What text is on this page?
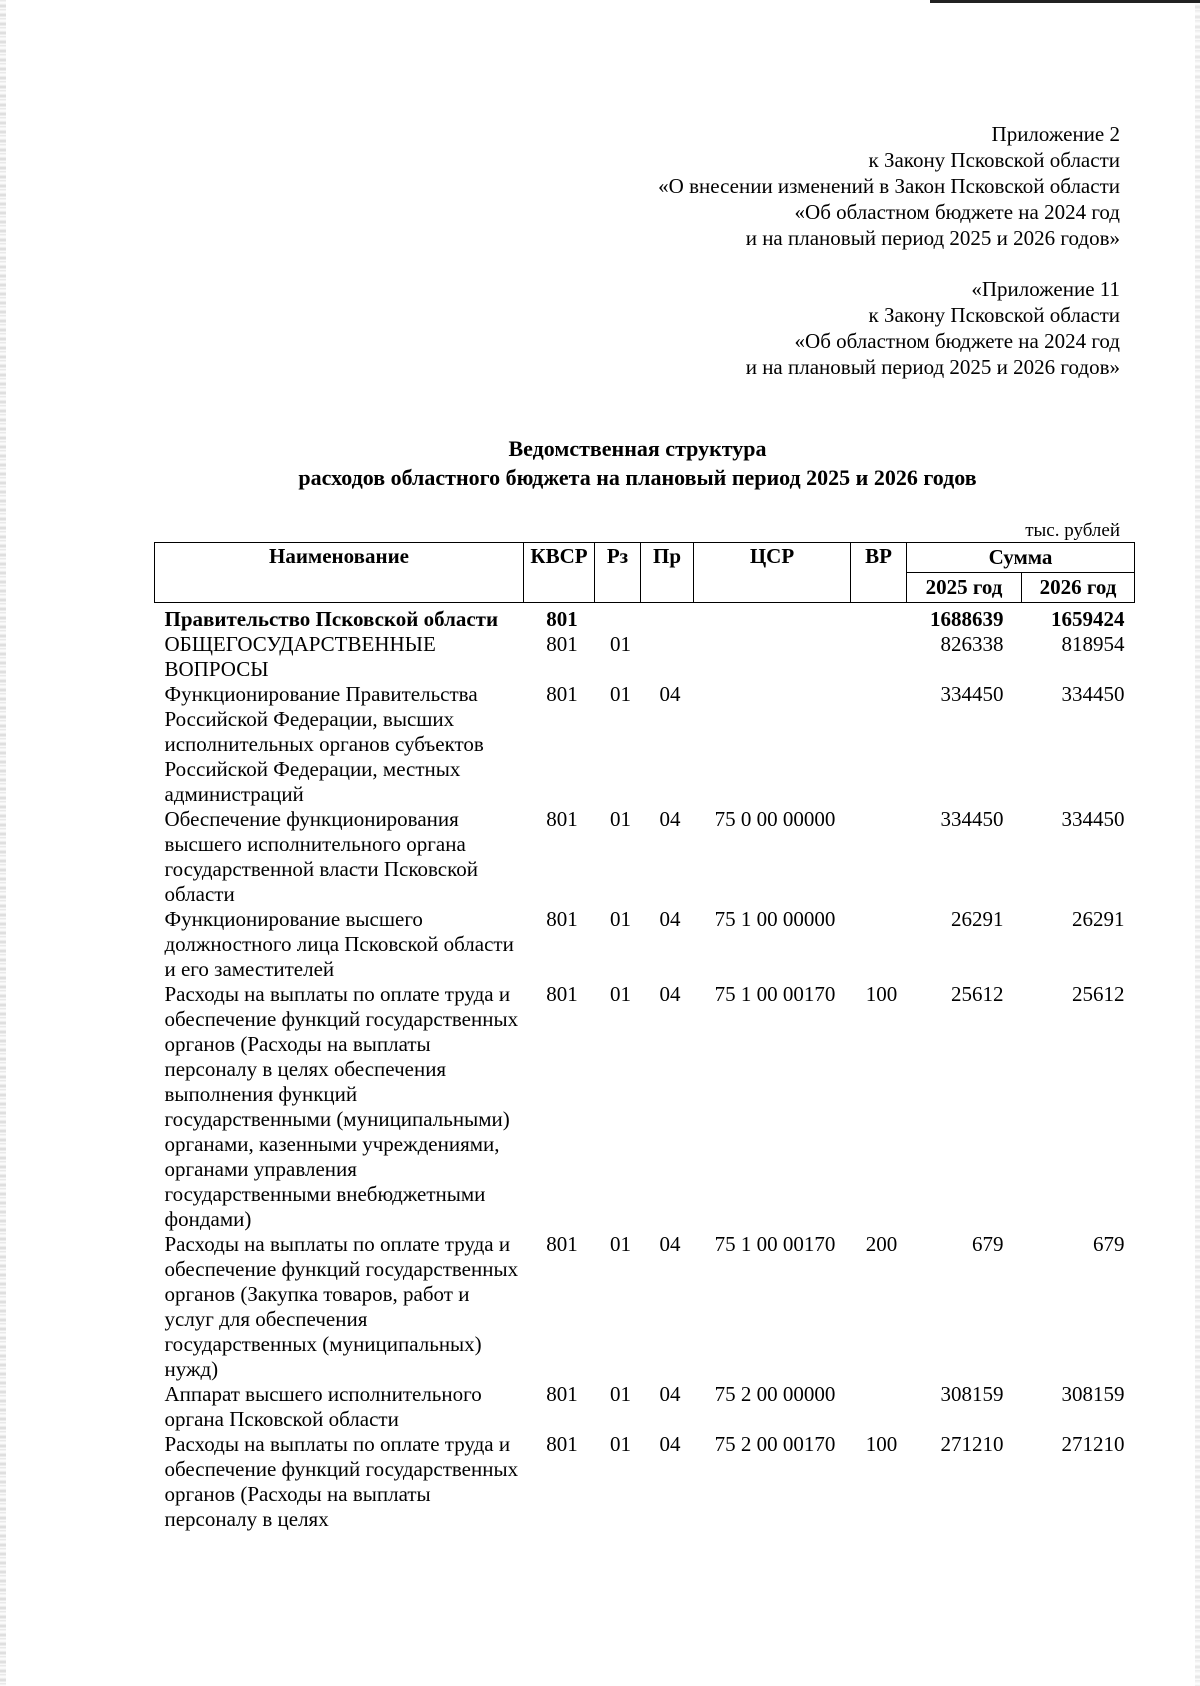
Приложение 2
к Закону Псковской области
«О внесении изменений в Закон Псковской области
«Об областном бюджете на 2024 год
и на плановый период 2025 и 2026 годов»
«Приложение 11
к Закону Псковской области
«Об областном бюджете на 2024 год
и на плановый период 2025 и 2026 годов»
Ведомственная структура
расходов областного бюджета на плановый период 2025 и 2026 годов
тыс. рублей
Наименование	КВСР	Рз	Пр	ЦСР	ВР	Сумма	
						2025 год	2026 год
Правительство Псковской области	801					1688639	1659424
ОБЩЕГОСУДАРСТВЕННЫЕ ВОПРОСЫ	801	01				826338	818954
Функционирование Правительства Российской Федерации, высших исполнительных органов субъектов Российской Федерации, местных администраций	801	01	04			334450	334450
Обеспечение функционирования высшего исполнительного органа государственной власти Псковской области	801	01	04	75 0 00 00000		334450	334450
Функционирование высшего должностного лица Псковской области и его заместителей	801	01	04	75 1 00 00000		26291	26291
Расходы на выплаты по оплате труда и обеспечение функций государственных органов (Расходы на выплаты персоналу в целях обеспечения выполнения функций государственными (муниципальными) органами, казенными учреждениями, органами управления государственными внебюджетными фондами)	801	01	04	75 1 00 00170	100	25612	25612
Расходы на выплаты по оплате труда и обеспечение функций государственных органов (Закупка товаров, работ и услуг для обеспечения государственных (муниципальных) нужд)	801	01	04	75 1 00 00170	200	679	679
Аппарат высшего исполнительного органа Псковской области	801	01	04	75 2 00 00000		308159	308159
Расходы на выплаты по оплате труда и обеспечение функций государственных органов (Расходы на выплаты персоналу в целях	801	01	04	75 2 00 00170	100	271210	271210
